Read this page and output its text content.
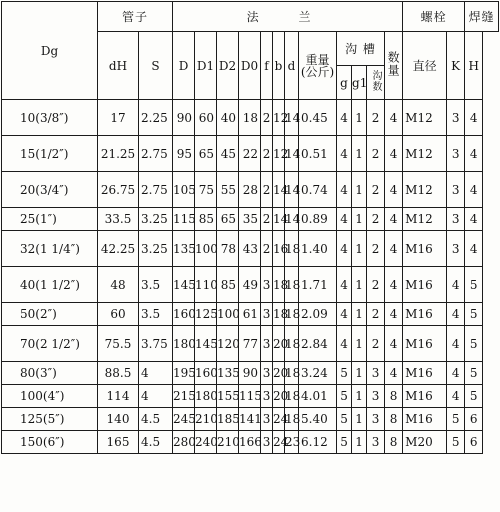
Dg	管子		法 兰												螺栓		焊缝
	dH	S	D	D1	D2	D0	f	b	d	重量(公斤)	沟 槽			数量	直径	K	H
											g	g1	沟数				
10(3/8″)	17	2.25	90	60	40	18	2	12	14	0.45	4	1	2	4	M12	3	4
15(1/2″)	21.25	2.75	95	65	45	22	2	12	14	0.51	4	1	2	4	M12	3	4
20(3/4″)	26.75	2.75	105	75	55	28	2	14	14	0.74	4	1	2	4	M12	3	4
25(1″)	33.5	3.25	115	85	65	35	2	14	14	0.89	4	1	2	4	M12	3	4
32(1 1/4″)	42.25	3.25	135	100	78	43	2	16	18	1.40	4	1	2	4	M16	3	4
40(1 1/2″)	48	3.5	145	110	85	49	3	18	18	1.71	4	1	2	4	M16	4	5
50(2″)	60	3.5	160	125	100	61	3	18	18	2.09	4	1	2	4	M16	4	5
70(2 1/2″)	75.5	3.75	180	145	120	77	3	20	18	2.84	4	1	2	4	M16	4	5
80(3″)	88.5	4	195	160	135	90	3	20	18	3.24	5	1	3	4	M16	4	5
100(4″)	114	4	215	180	155	115	3	20	18	4.01	5	1	3	8	M16	4	5
125(5″)	140	4.5	245	210	185	141	3	24	18	5.40	5	1	3	8	M16	5	6
150(6″)	165	4.5	280	240	210	166	3	24	23	6.12	5	1	3	8	M20	5	6
